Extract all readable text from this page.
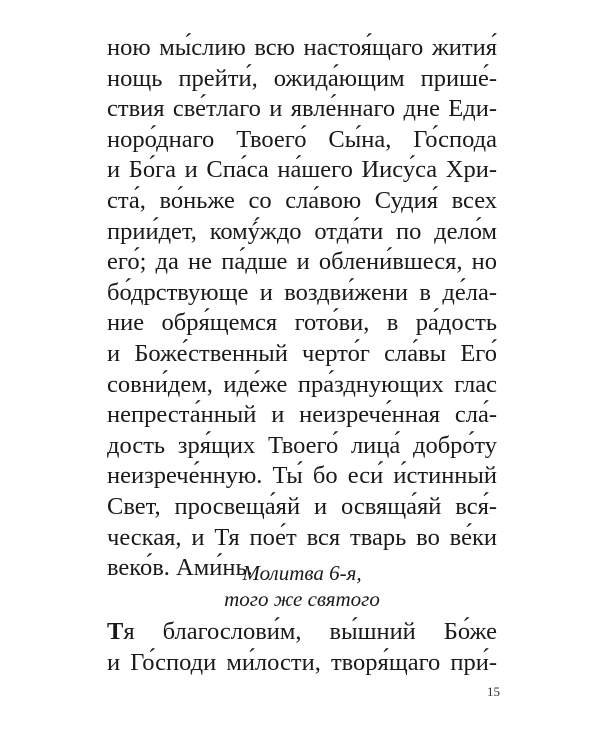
ною мы́слию всю настоя́щаго жития́
нощь прейти́, ожида́ющим прише́-
ствия све́тлаго и явле́ннаго дне Еди-
норо́днаго Твоего́ Сы́на, Го́спода
и Бо́га и Спа́са на́шего Иису́са Хри-
ста́, во́ньже со сла́вою Судия́ всех
прии́дет, комý́ждо отда́ти по дело́м
его́; да не па́дше и облени́вшеся, но
бо́дрствующе и воздви́жени в де́ла-
ние обря́щемся гото́ви, в ра́дость
и Боже́ственный черто́г сла́вы Его́
совни́дем, иде́же пра́зднующих глас
непреста́нный и неизрече́нная сла́-
дость зря́щих Твоего́ лица́ добро́ту
неизрече́нную. Ты́ бо еси́ и́стинный
Свет, просвеща́яй и освяща́яй вся́-
ческая, и Тя пое́т вся тварь во ве́ки
веко́в. Ами́нь.
Молитва 6-я,
того же святого
Тя благослови́м, вы́шний Бо́же
и Го́споди ми́лости, творя́щаго при́-
15
